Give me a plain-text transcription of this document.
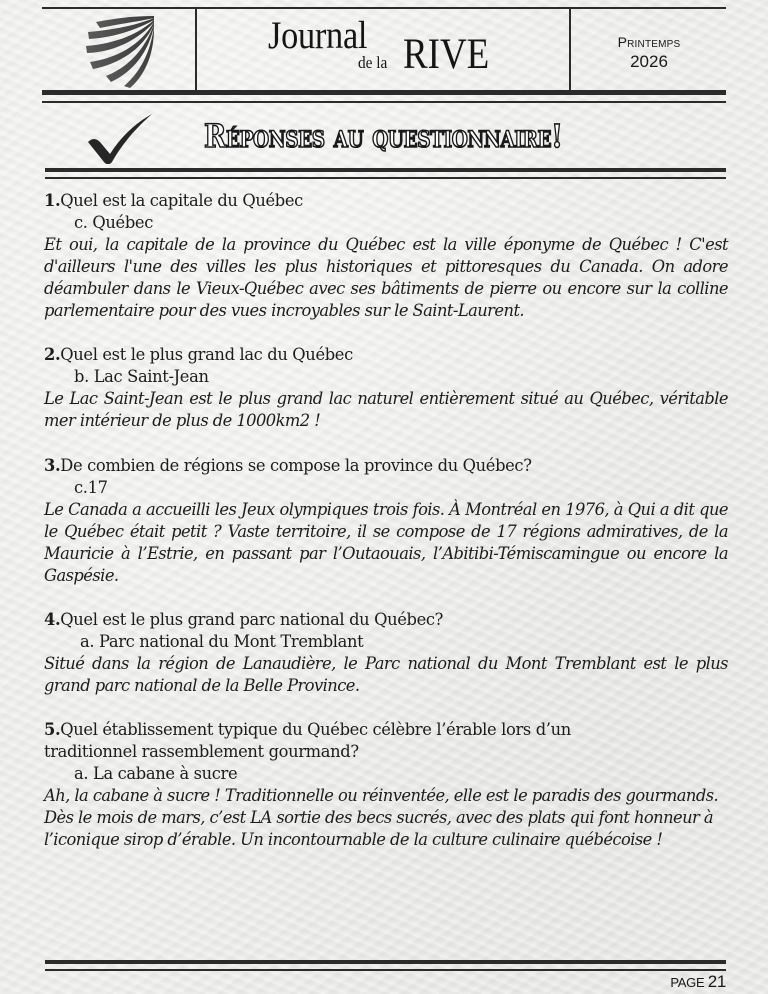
Journal
de la RIVE	Printemps
2026
Réponses au questionnaire!
1.Quel est la capitale du Québec
c. Québec
Et oui, la capitale de la province du Québec est la ville éponyme de Québec ! C'est d'ailleurs l'une des villes les plus historiques et pittoresques du Canada. On adore déambuler dans le Vieux-Québec avec ses bâtiments de pierre ou encore sur la colline parlementaire pour des vues incroyables sur le Saint-Laurent.
2.Quel est le plus grand lac du Québec
b. Lac Saint-Jean
Le Lac Saint-Jean est le plus grand lac naturel entièrement situé au Québec, véritable mer intérieur de plus de 1000km2 !
3.De combien de régions se compose la province du Québec?
c.17
Le Canada a accueilli les Jeux olympiques trois fois. À Montréal en 1976, à Qui a dit que le Québec était petit ? Vaste territoire, il se compose de 17 régions admiratives, de la Mauricie à l’Estrie, en passant par l’Outaouais, l’Abitibi-Témiscamingue ou encore la Gaspésie.
4.Quel est le plus grand parc national du Québec?
a. Parc national du Mont Tremblant
Situé dans la région de Lanaudière, le Parc national du Mont Tremblant est le plus grand parc national de la Belle Province.
5.Quel établissement typique du Québec célèbre l’érable lors d’un traditionnel rassemblement gourmand?
a. La cabane à sucre
Ah, la cabane à sucre ! Traditionnelle ou réinventée, elle est le paradis des gourmands. Dès le mois de mars, c’est LA sortie des becs sucrés, avec des plats qui font honneur à l’iconique sirop d’érable. Un incontournable de la culture culinaire québécoise !
PAGE 21
